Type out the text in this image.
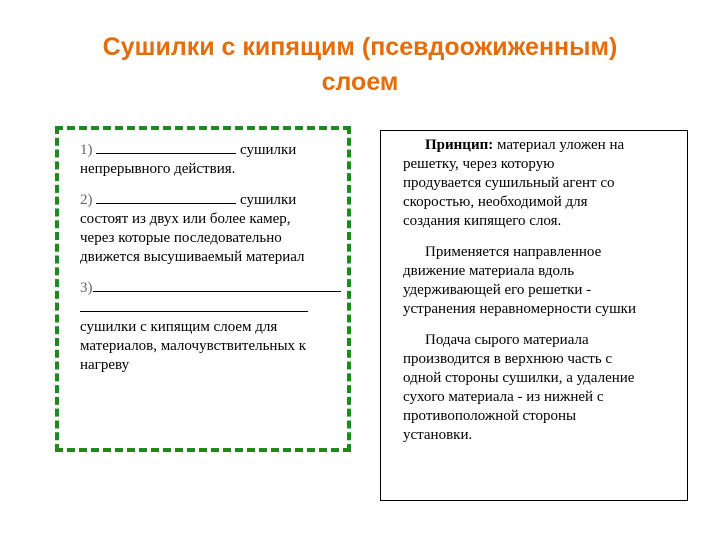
Сушилки с кипящим (псевдоожиженным)
слоем

1)	сушилки
непрерывного действия.

2)	сушилки
состоят из двух или более камер,
через которые последовательно
движется высушиваемый материал

3)

сушилки с кипящим слоем для
материалов, малочувствительных к
нагреву

Принцип: материал уложен на
решетку, через которую
продувается сушильный агент со
скоростью, необходимой для
создания кипящего слоя.

Применяется направленное
движение материала вдоль
удерживающей его решетки -
устранения неравномерности сушки

Подача сырого материала
производится в верхнюю часть с
одной стороны сушилки, а удаление
сухого материала - из нижней с
противоположной стороны
установки.
